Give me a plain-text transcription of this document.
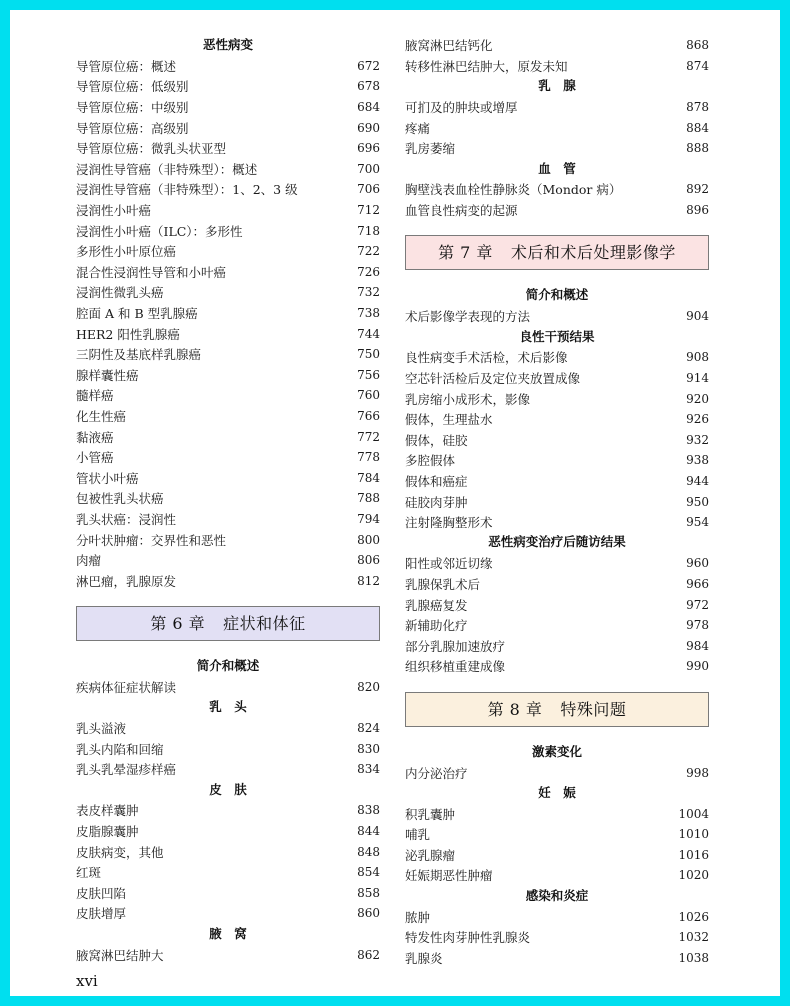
恶性病变
导管原位癌：概述	672
导管原位癌：低级别	678
导管原位癌：中级别	684
导管原位癌：高级别	690
导管原位癌：微乳头状亚型	696
浸润性导管癌（非特殊型）：概述	700
浸润性导管癌（非特殊型）：1、2、3 级	706
浸润性小叶癌	712
浸润性小叶癌（ILC）：多形性	718
多形性小叶原位癌	722
混合性浸润性导管和小叶癌	726
浸润性微乳头癌	732
腔面 A 和 B 型乳腺癌	738
HER2 阳性乳腺癌	744
三阴性及基底样乳腺癌	750
腺样囊性癌	756
髓样癌	760
化生性癌	766
黏液癌	772
小管癌	778
管状小叶癌	784
包被性乳头状癌	788
乳头状癌：浸润性	794
分叶状肿瘤：交界性和恶性	800
肉瘤	806
淋巴瘤，乳腺原发	812
第 6 章 症状和体征
简介和概述
疾病体征症状解读	820
乳　头
乳头溢液	824
乳头内陷和回缩	830
乳头乳晕湿疹样癌	834
皮　肤
表皮样囊肿	838
皮脂腺囊肿	844
皮肤病变，其他	848
红斑	854
皮肤凹陷	858
皮肤增厚	860
腋　窝
腋窝淋巴结肿大	862
腋窝淋巴结钙化	868
转移性淋巴结肿大，原发未知	874
乳　腺
可扪及的肿块或增厚	878
疼痛	884
乳房萎缩	888
血　管
胸壁浅表血栓性静脉炎（Mondor 病）	892
血管良性病变的起源	896
第 7 章 术后和术后处理影像学
简介和概述
术后影像学表现的方法	904
良性干预结果
良性病变手术活检，术后影像	908
空芯针活检后及定位夹放置成像	914
乳房缩小成形术，影像	920
假体，生理盐水	926
假体，硅胶	932
多腔假体	938
假体和癌症	944
硅胶肉芽肿	950
注射隆胸整形术	954
恶性病变治疗后随访结果
阳性或邻近切缘	960
乳腺保乳术后	966
乳腺癌复发	972
新辅助化疗	978
部分乳腺加速放疗	984
组织移植重建成像	990
第 8 章 特殊问题
激素变化
内分泌治疗	998
妊　娠
积乳囊肿	1004
哺乳	1010
泌乳腺瘤	1016
妊娠期恶性肿瘤	1020
感染和炎症
脓肿	1026
特发性肉芽肿性乳腺炎	1032
乳腺炎	1038
xvi
